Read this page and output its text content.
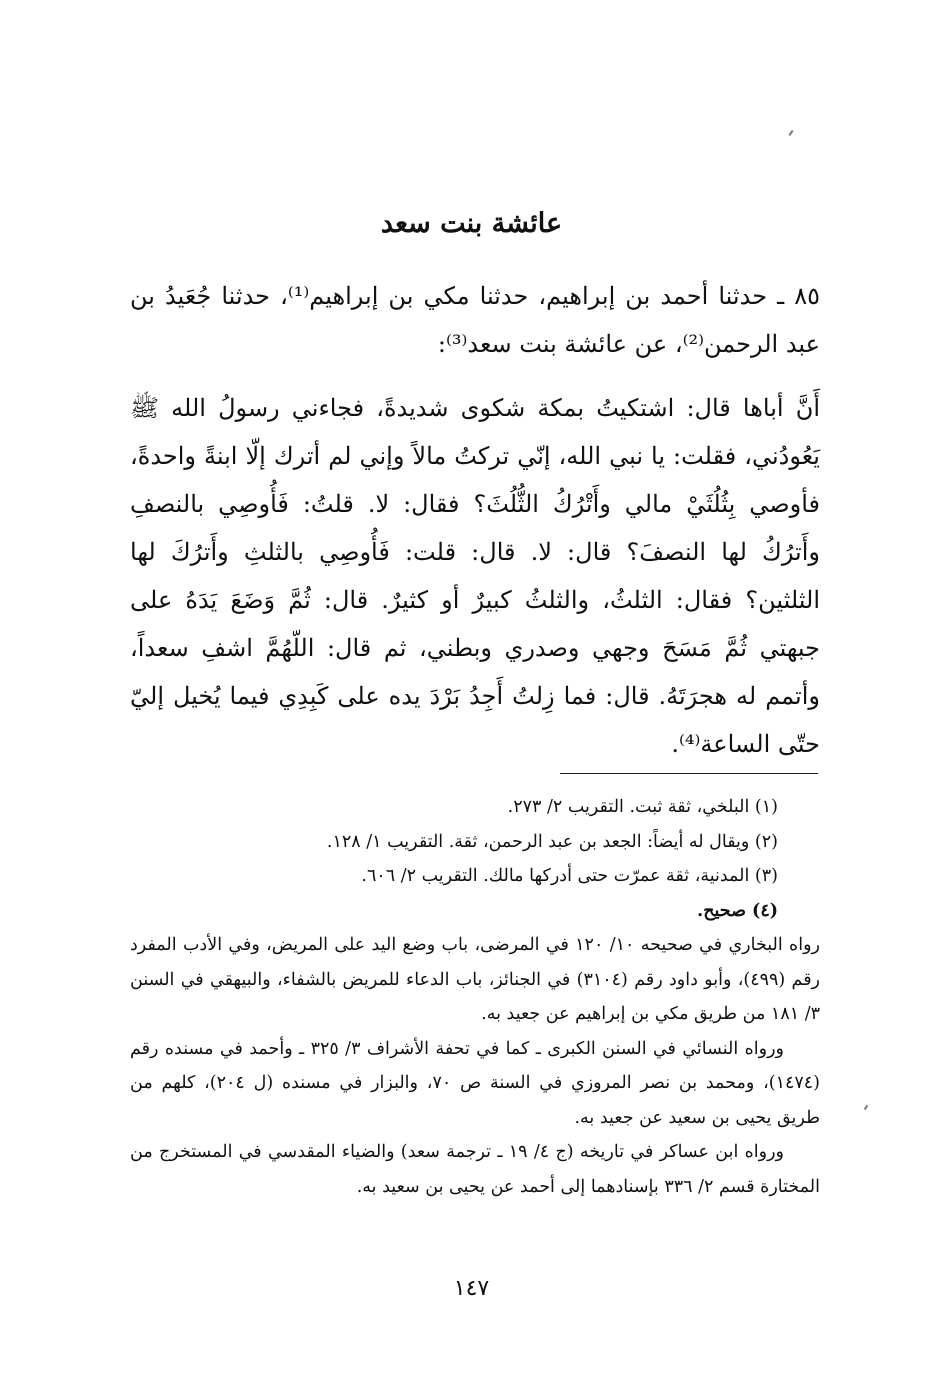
عائشة بنت سعد
٨٥ ـ حدثنا أحمد بن إبراهيم، حدثنا مكي بن إبراهيم⁽¹⁾، حدثنا جُعَيدُ بن عبد الرحمن⁽²⁾، عن عائشة بنت سعد⁽³⁾:
أَنَّ أباها قال: اشتكيتُ بمكة شكوى شديدةً، فجاءني رسولُ الله ﷺ يَعُودُني، فقلت: يا نبي الله، إنّي تركتُ مالاً وإني لم أترك إلّا ابنةً واحدةً، فأوصي بِثُلُثَيْ مالي وأَتْرُكُ الثُّلُثَ؟ فقال: لا. قلتُ: فَأُوصِي بالنصفِ وأَترُكُ لها النصفَ؟ قال: لا. قال: قلت: فَأُوصِي بالثلثِ وأَترُكَ لها الثلثين؟ فقال: الثلثُ، والثلثُ كبيرٌ أو كثيرٌ. قال: ثُمَّ وَضَعَ يَدَهُ على جبهتي ثُمَّ مَسَحَ وجهي وصدري وبطني، ثم قال: اللّهُمَّ اشفِ سعداً، وأتمم له هجرَتَهُ. قال: فما زِلتُ أَجِدُ بَرْدَ يده على كَبِدِي فيما يُخيل إليّ حتّى الساعة⁽⁴⁾.
(١) البلخي، ثقة ثبت. التقريب ٢/ ٢٧٣.
(٢) ويقال له أيضاً: الجعد بن عبد الرحمن، ثقة. التقريب ١/ ١٢٨.
(٣) المدنية، ثقة عمرّت حتى أدركها مالك. التقريب ٢/ ٦٠٦.
(٤) صحيح.
رواه البخاري في صحيحه ١٠/ ١٢٠ في المرضى، باب وضع اليد على المريض، وفي الأدب المفرد رقم (٤٩٩)، وأبو داود رقم (٣١٠٤) في الجنائز، باب الدعاء للمريض بالشفاء، والبيهقي في السنن ٣/ ١٨١ من طريق مكي بن إبراهيم عن جعيد به.
ورواه النسائي في السنن الكبرى ـ كما في تحفة الأشراف ٣/ ٣٢٥ ـ وأحمد في مسنده رقم (١٤٧٤)، ومحمد بن نصر المروزي في السنة ص ٧٠، والبزار في مسنده (ل ٢٠٤)، كلهم من طريق يحيى بن سعيد عن جعيد به.
ورواه ابن عساكر في تاريخه (ج ٤/ ١٩ ـ ترجمة سعد) والضياء المقدسي في المستخرج من المختارة قسم ٢/ ٣٣٦ بإسنادهما إلى أحمد عن يحيى بن سعيد به.
١٤٧
